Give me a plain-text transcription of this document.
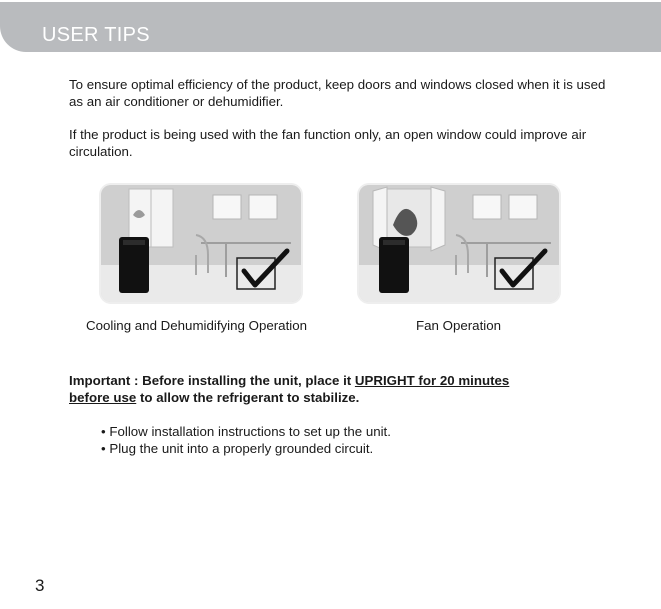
USER TIPS
To ensure optimal efficiency of the product, keep doors and windows closed when it is used as an air conditioner or dehumidifier.
If the product is being used with the fan function only, an open window could improve air circulation.
Cooling and Dehumidifying Operation	Fan Operation
Important : Before installing the unit, place it UPRIGHT for 20 minutes
before use to allow the refrigerant to stabilize.
• Follow installation instructions to set up the unit.
• Plug the unit into a properly grounded circuit.
3
